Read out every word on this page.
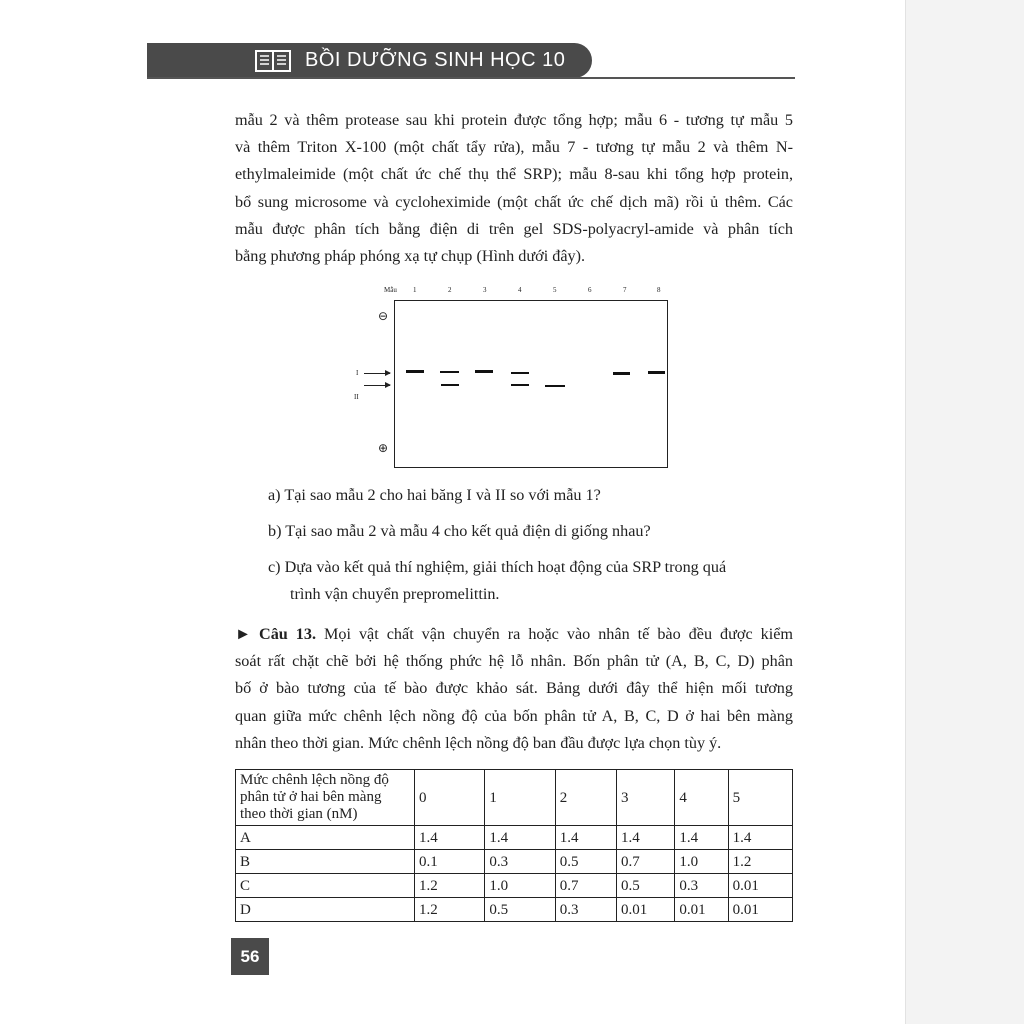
BỒI DƯỠNG SINH HỌC 10
mẫu 2 và thêm protease sau khi protein được tổng hợp; mẫu 6 - tương tự mẫu 5
và thêm Triton X-100 (một chất tẩy rửa), mẫu 7 - tương tự mẫu 2 và thêm N-
ethylmaleimide (một chất ức chế thụ thể SRP); mẫu 8-sau khi tổng hợp protein,
bổ sung microsome và cycloheximide (một chất ức chế dịch mã) rồi ủ thêm. Các
mẫu được phân tích bằng điện di trên gel SDS-polyacryl-amide và phân tích
bằng phương pháp phóng xạ tự chụp (Hình dưới đây).
Mẫu 1	2	3	4	5	6	7	8
⊖
⊕
I
II
a) Tại sao mẫu 2 cho hai băng I và II so với mẫu 1?
b) Tại sao mẫu 2 và mẫu 4 cho kết quả điện di giống nhau?
c) Dựa vào kết quả thí nghiệm, giải thích hoạt động của SRP trong quá
trình vận chuyển prepromelittin.
► Câu 13. Mọi vật chất vận chuyển ra hoặc vào nhân tế bào đều được kiểm
soát rất chặt chẽ bởi hệ thống phức hệ lỗ nhân. Bốn phân tử (A, B, C, D) phân
bố ở bào tương của tế bào được khảo sát. Bảng dưới đây thể hiện mối tương
quan giữa mức chênh lệch nồng độ của bốn phân tử A, B, C, D ở hai bên màng
nhân theo thời gian. Mức chênh lệch nồng độ ban đầu được lựa chọn tùy ý.
Mức chênh lệch nồng độ
phân tử ở hai bên màng
theo thời gian (nM)	0	1	2	3	4	5
A	1.4	1.4	1.4	1.4	1.4	1.4
B	0.1	0.3	0.5	0.7	1.0	1.2
C	1.2	1.0	0.7	0.5	0.3	0.01
D	1.2	0.5	0.3	0.01	0.01	0.01
56
